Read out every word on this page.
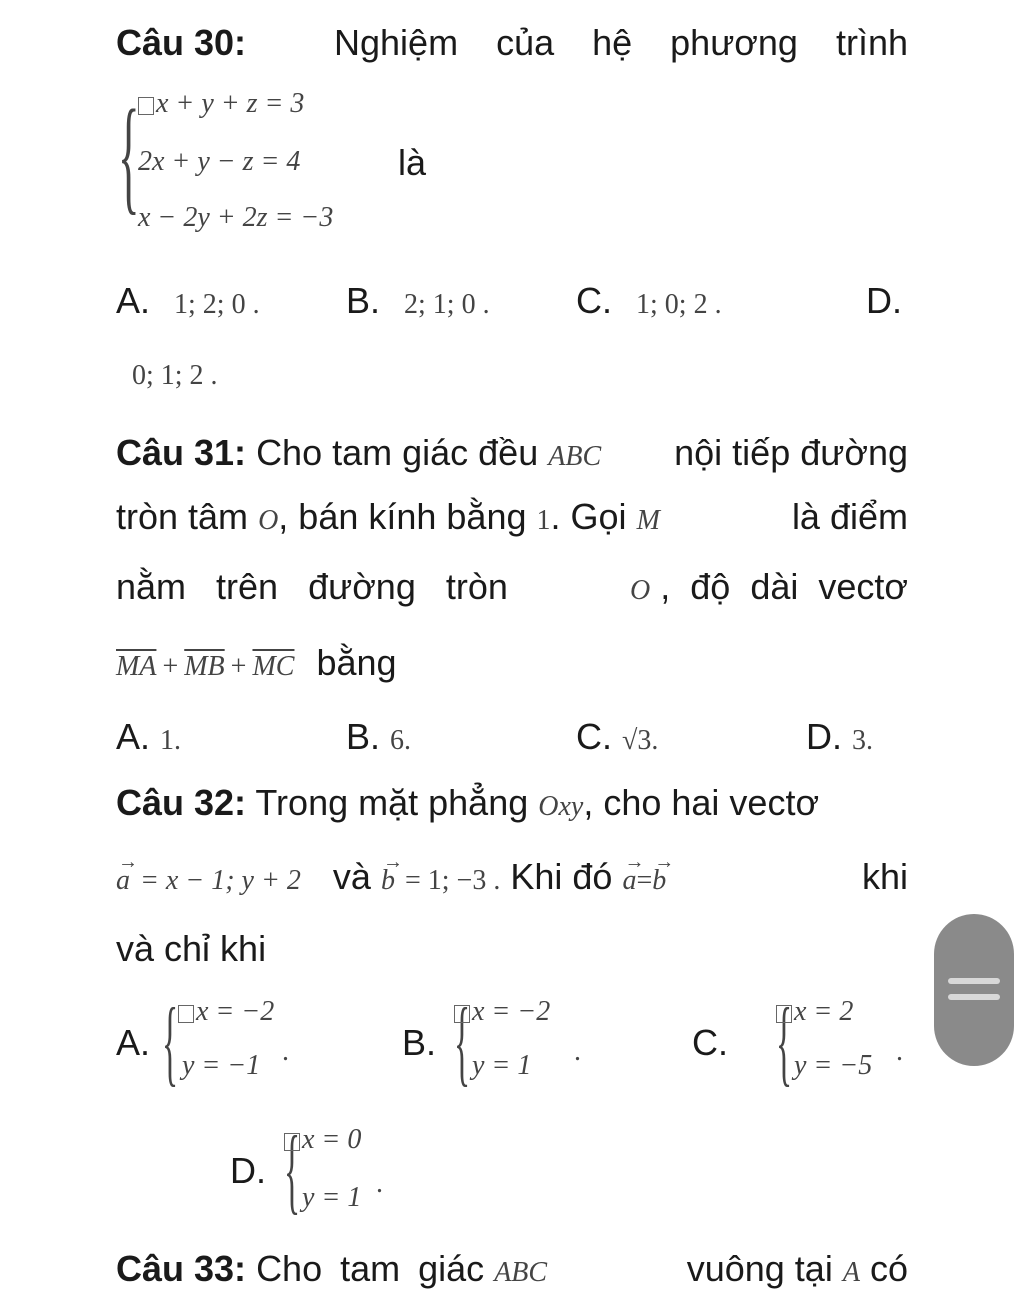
Câu 30: Nghiệm của hệ phương trình
{ x + y + z = 3
2x + y − z = 4
x − 2y + 2z = −3
là
A. 1; 2; 0 . B. 2; 1; 0 . C. 1; 0; 2 .	D.
0; 1; 2 .
Câu 31: Cho tam giác đều ABC nội tiếp đường
tròn tâm O, bán kính bằng 1. Gọi M	là điểm
nằm trên đường tròn	O , độ dài vectơ
$\overline{MA} + \overline{MB} + \overline{MC}$ bằng
A. 1.	B. 6.	C. √3.	D. 3.
Câu 32: Trong mặt phẳng Oxy, cho hai vectơ
→
a = x − 1; y + 2 và →
b = 1; −3 . Khi đó →
a=
→
b	khi
và chỉ khi
A. { x = −2
y = −1 .	B. { x = −2
y = 1 .	C. { x = 2
y = −5 .
D. { x = 0
y = 1 .
Câu 33: Cho tam giác ABC	vuông tại A có
